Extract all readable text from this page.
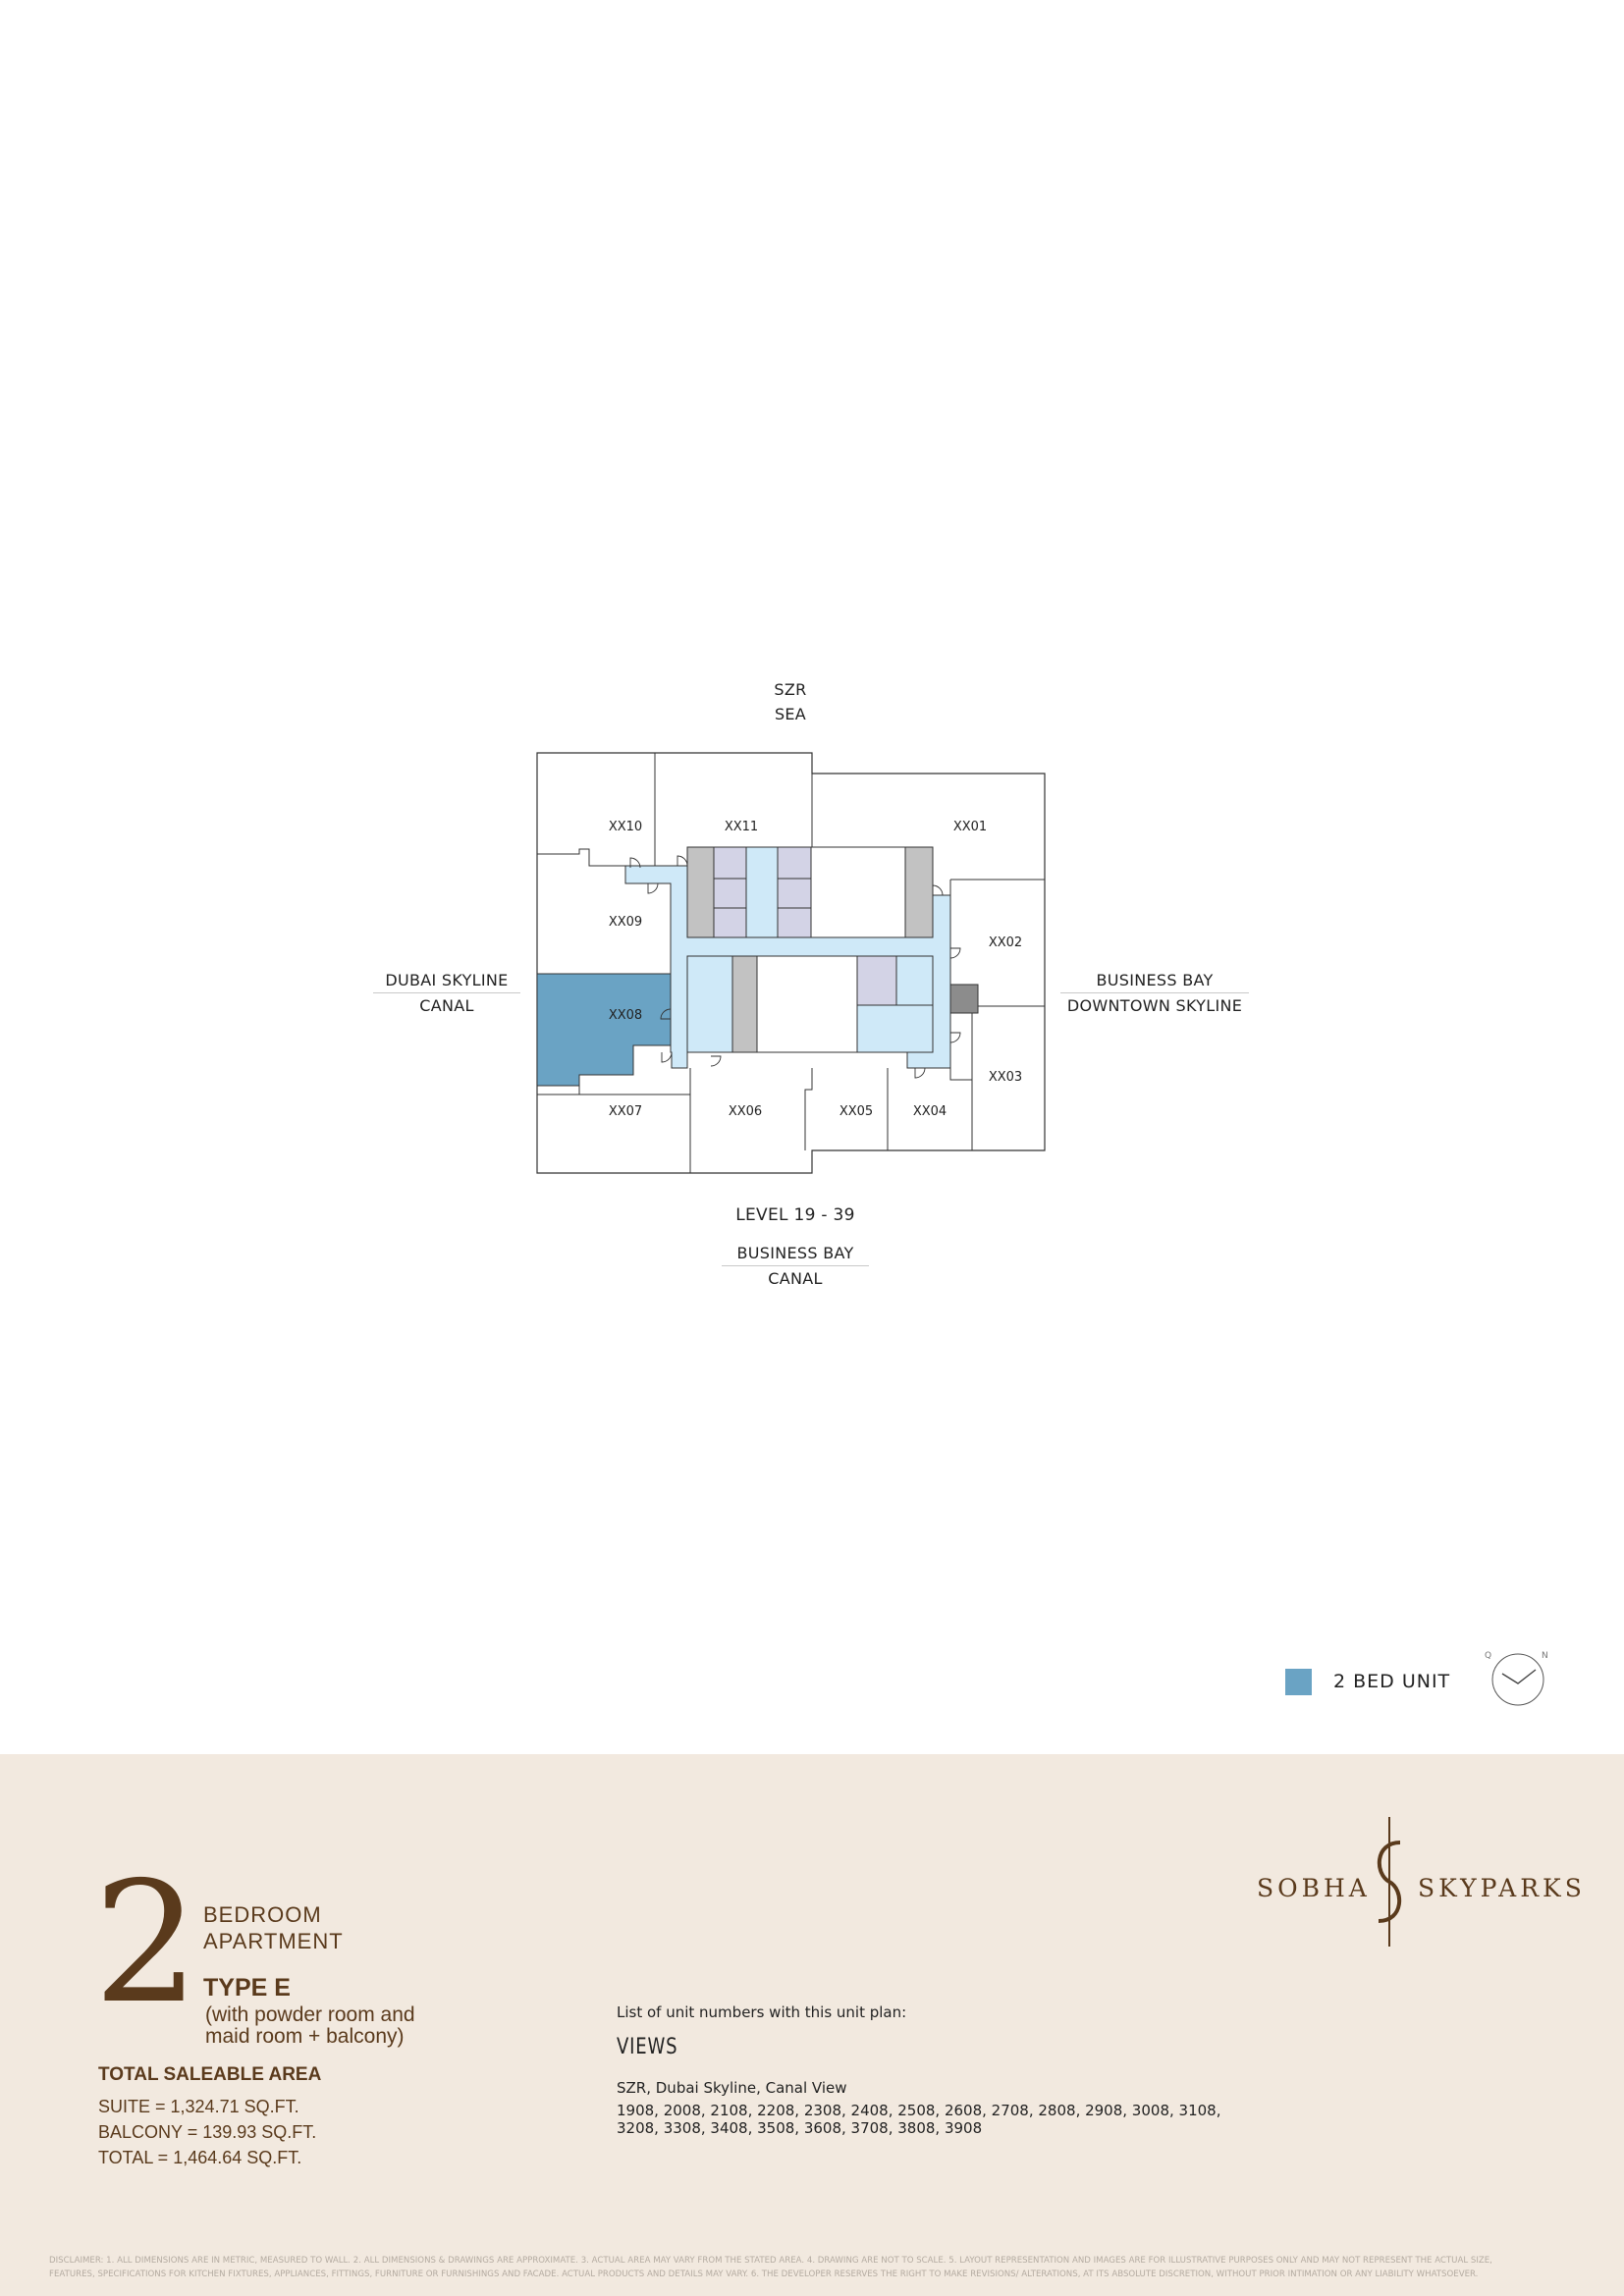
SZR
SEA
DUBAI SKYLINE
CANAL
BUSINESS BAY
DOWNTOWN SKYLINE
LEVEL 19 - 39
BUSINESS BAY
CANAL
XX10	XX11	XX01
XX09
XX02
XX08
XX03
XX07	XX06	XX05	XX04
2 BED UNIT
Q	N
SOBHA SKYPARKS
2 BEDROOM
APARTMENT
TYPE E
(with powder room and
maid room + balcony)
TOTAL SALEABLE AREA
SUITE = 1,324.71 SQ.FT.
BALCONY = 139.93 SQ.FT.
TOTAL = 1,464.64 SQ.FT.
List of unit numbers with this unit plan:
VIEWS
SZR, Dubai Skyline, Canal View
1908, 2008, 2108, 2208, 2308, 2408, 2508, 2608, 2708, 2808, 2908, 3008, 3108,
3208, 3308, 3408, 3508, 3608, 3708, 3808, 3908
DISCLAIMER: 1. ALL DIMENSIONS ARE IN METRIC, MEASURED TO WALL. 2. ALL DIMENSIONS & DRAWINGS ARE APPROXIMATE. 3. ACTUAL AREA MAY VARY FROM THE STATED AREA. 4. DRAWING ARE NOT TO SCALE. 5. LAYOUT REPRESENTATION AND IMAGES ARE FOR ILLUSTRATIVE PURPOSES ONLY AND MAY NOT REPRESENT THE ACTUAL SIZE,
FEATURES, SPECIFICATIONS FOR KITCHEN FIXTURES, APPLIANCES, FITTINGS, FURNITURE OR FURNISHINGS AND FACADE. ACTUAL PRODUCTS AND DETAILS MAY VARY. 6. THE DEVELOPER RESERVES THE RIGHT TO MAKE REVISIONS/ ALTERATIONS, AT ITS ABSOLUTE DISCRETION, WITHOUT PRIOR INTIMATION OR ANY LIABILITY WHATSOEVER.
